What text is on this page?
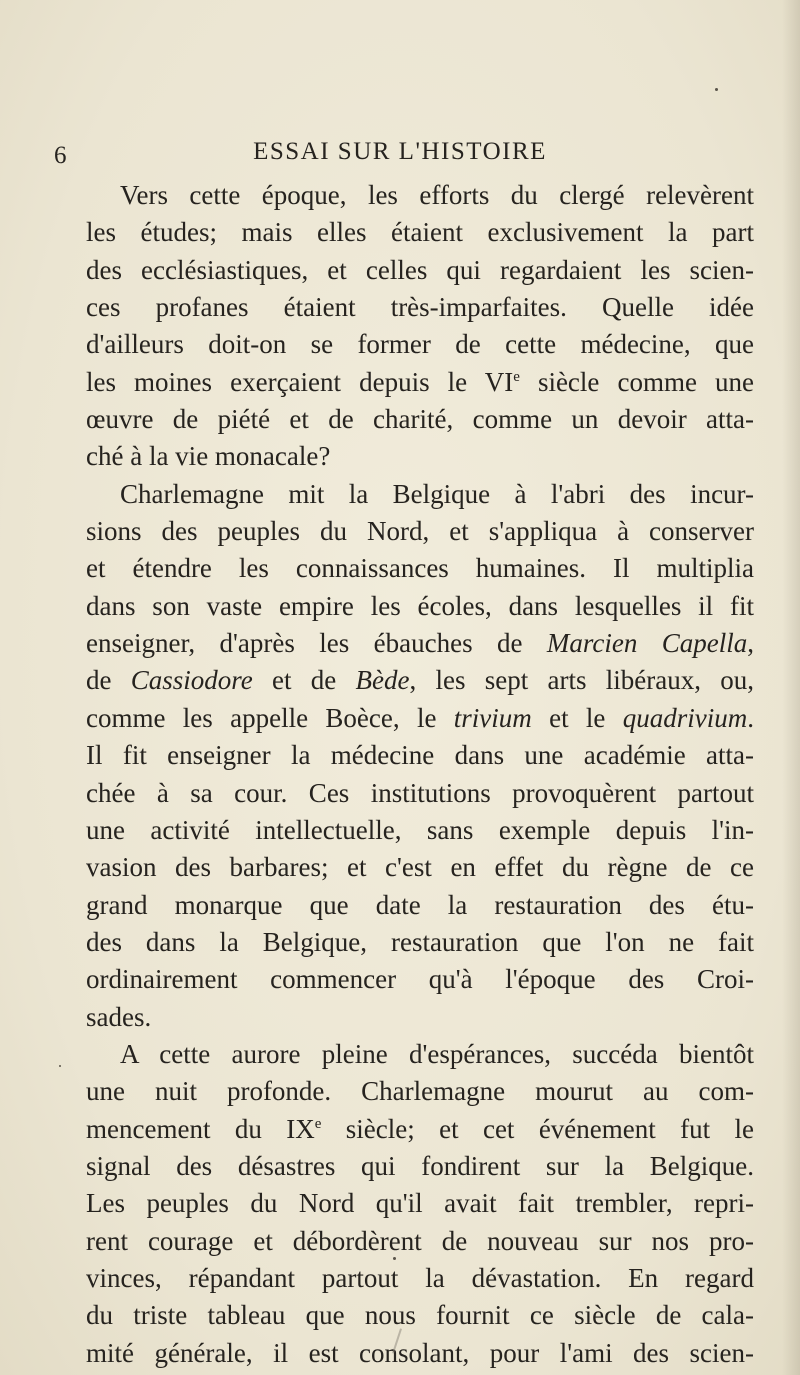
6	ESSAI SUR L'HISTOIRE
Vers cette époque, les efforts du clergé relevèrent
les études; mais elles étaient exclusivement la part
des ecclésiastiques, et celles qui regardaient les scien-
ces profanes étaient très-imparfaites. Quelle idée
d'ailleurs doit-on se former de cette médecine, que
les moines exerçaient depuis le VIe siècle comme une
œuvre de piété et de charité, comme un devoir atta-
ché à la vie monacale?
Charlemagne mit la Belgique à l'abri des incur-
sions des peuples du Nord, et s'appliqua à conserver
et étendre les connaissances humaines. Il multiplia
dans son vaste empire les écoles, dans lesquelles il fit
enseigner, d'après les ébauches de Marcien Capella,
de Cassiodore et de Bède, les sept arts libéraux, ou,
comme les appelle Boèce, le trivium et le quadrivium.
Il fit enseigner la médecine dans une académie atta-
chée à sa cour. Ces institutions provoquèrent partout
une activité intellectuelle, sans exemple depuis l'in-
vasion des barbares; et c'est en effet du règne de ce
grand monarque que date la restauration des étu-
des dans la Belgique, restauration que l'on ne fait
ordinairement commencer qu'à l'époque des Croi-
sades.
A cette aurore pleine d'espérances, succéda bientôt
une nuit profonde. Charlemagne mourut au com-
mencement du IXe siècle; et cet événement fut le
signal des désastres qui fondirent sur la Belgique.
Les peuples du Nord qu'il avait fait trembler, repri-
rent courage et débordèrent de nouveau sur nos pro-
vinces, répandant partout la dévastation. En regard
du triste tableau que nous fournit ce siècle de cala-
mité générale, il est consolant, pour l'ami des scien-
